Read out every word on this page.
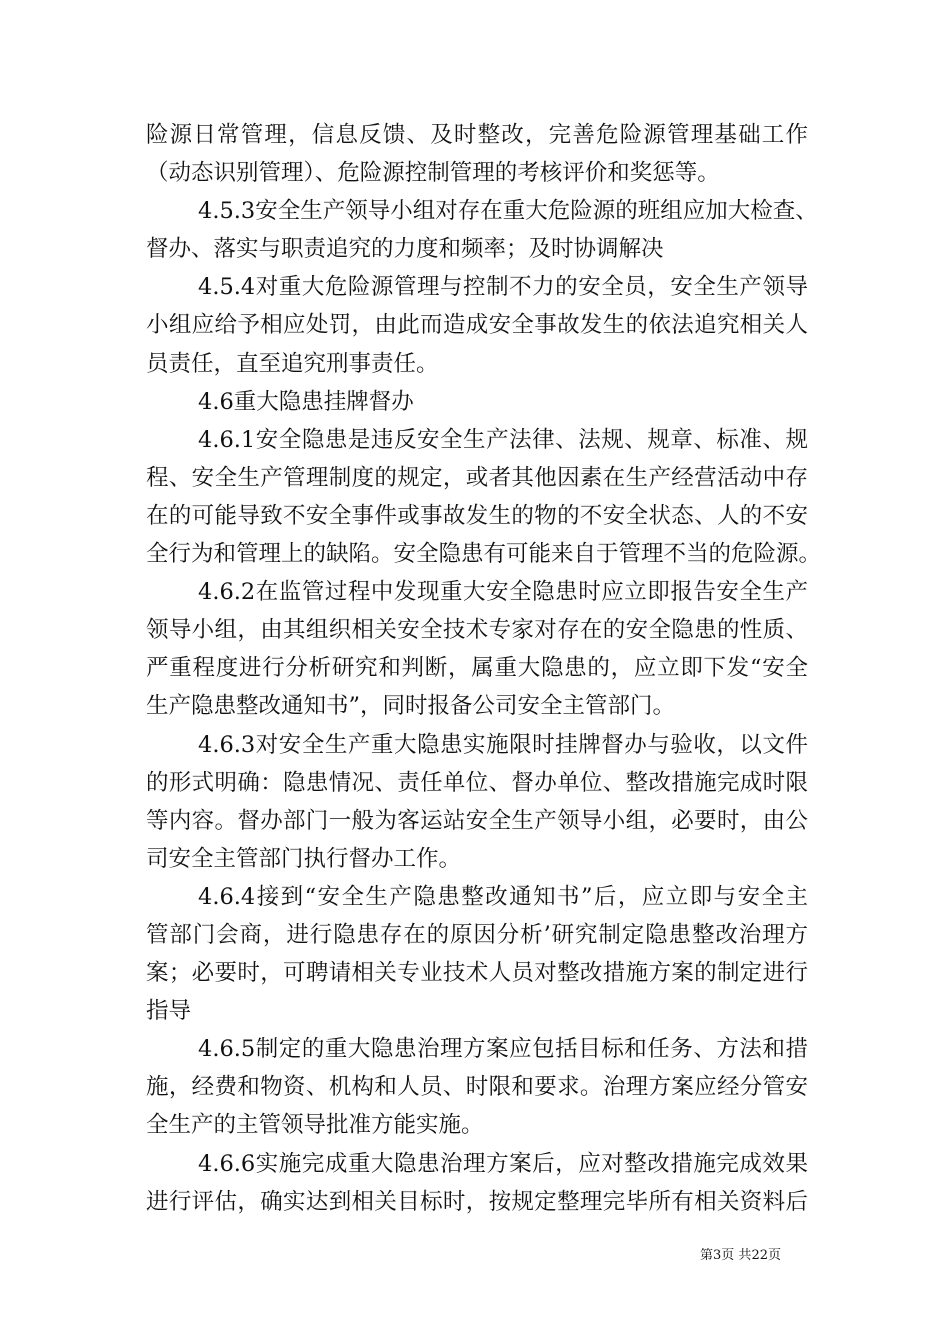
险源日常管理，信息反馈、及时整改，完善危险源管理基础工作
（动态识别管理）、危险源控制管理的考核评价和奖惩等。
4.5.3安全生产领导小组对存在重大危险源的班组应加大检查、
督办、落实与职责追究的力度和频率；及时协调解决
4.5.4对重大危险源管理与控制不力的安全员，安全生产领导
小组应给予相应处罚，由此而造成安全事故发生的依法追究相关人
员责任，直至追究刑事责任。
4.6重大隐患挂牌督办
4.6.1安全隐患是违反安全生产法律、法规、规章、标准、规
程、安全生产管理制度的规定，或者其他因素在生产经营活动中存
在的可能导致不安全事件或事故发生的物的不安全状态、人的不安
全行为和管理上的缺陷。安全隐患有可能来自于管理不当的危险源。
4.6.2在监管过程中发现重大安全隐患时应立即报告安全生产
领导小组，由其组织相关安全技术专家对存在的安全隐患的性质、
严重程度进行分析研究和判断，属重大隐患的，应立即下发“安全
生产隐患整改通知书”，同时报备公司安全主管部门。
4.6.3对安全生产重大隐患实施限时挂牌督办与验收，以文件
的形式明确：隐患情况、责任单位、督办单位、整改措施完成时限
等内容。督办部门一般为客运站安全生产领导小组，必要时，由公
司安全主管部门执行督办工作。
4.6.4接到“安全生产隐患整改通知书”后，应立即与安全主
管部门会商，进行隐患存在的原因分析’研究制定隐患整改治理方
案；必要时，可聘请相关专业技术人员对整改措施方案的制定进行
指导
4.6.5制定的重大隐患治理方案应包括目标和任务、方法和措
施，经费和物资、机构和人员、时限和要求。治理方案应经分管安
全生产的主管领导批准方能实施。
4.6.6实施完成重大隐患治理方案后，应对整改措施完成效果
进行评估，确实达到相关目标时，按规定整理完毕所有相关资料后
第3页 共22页
